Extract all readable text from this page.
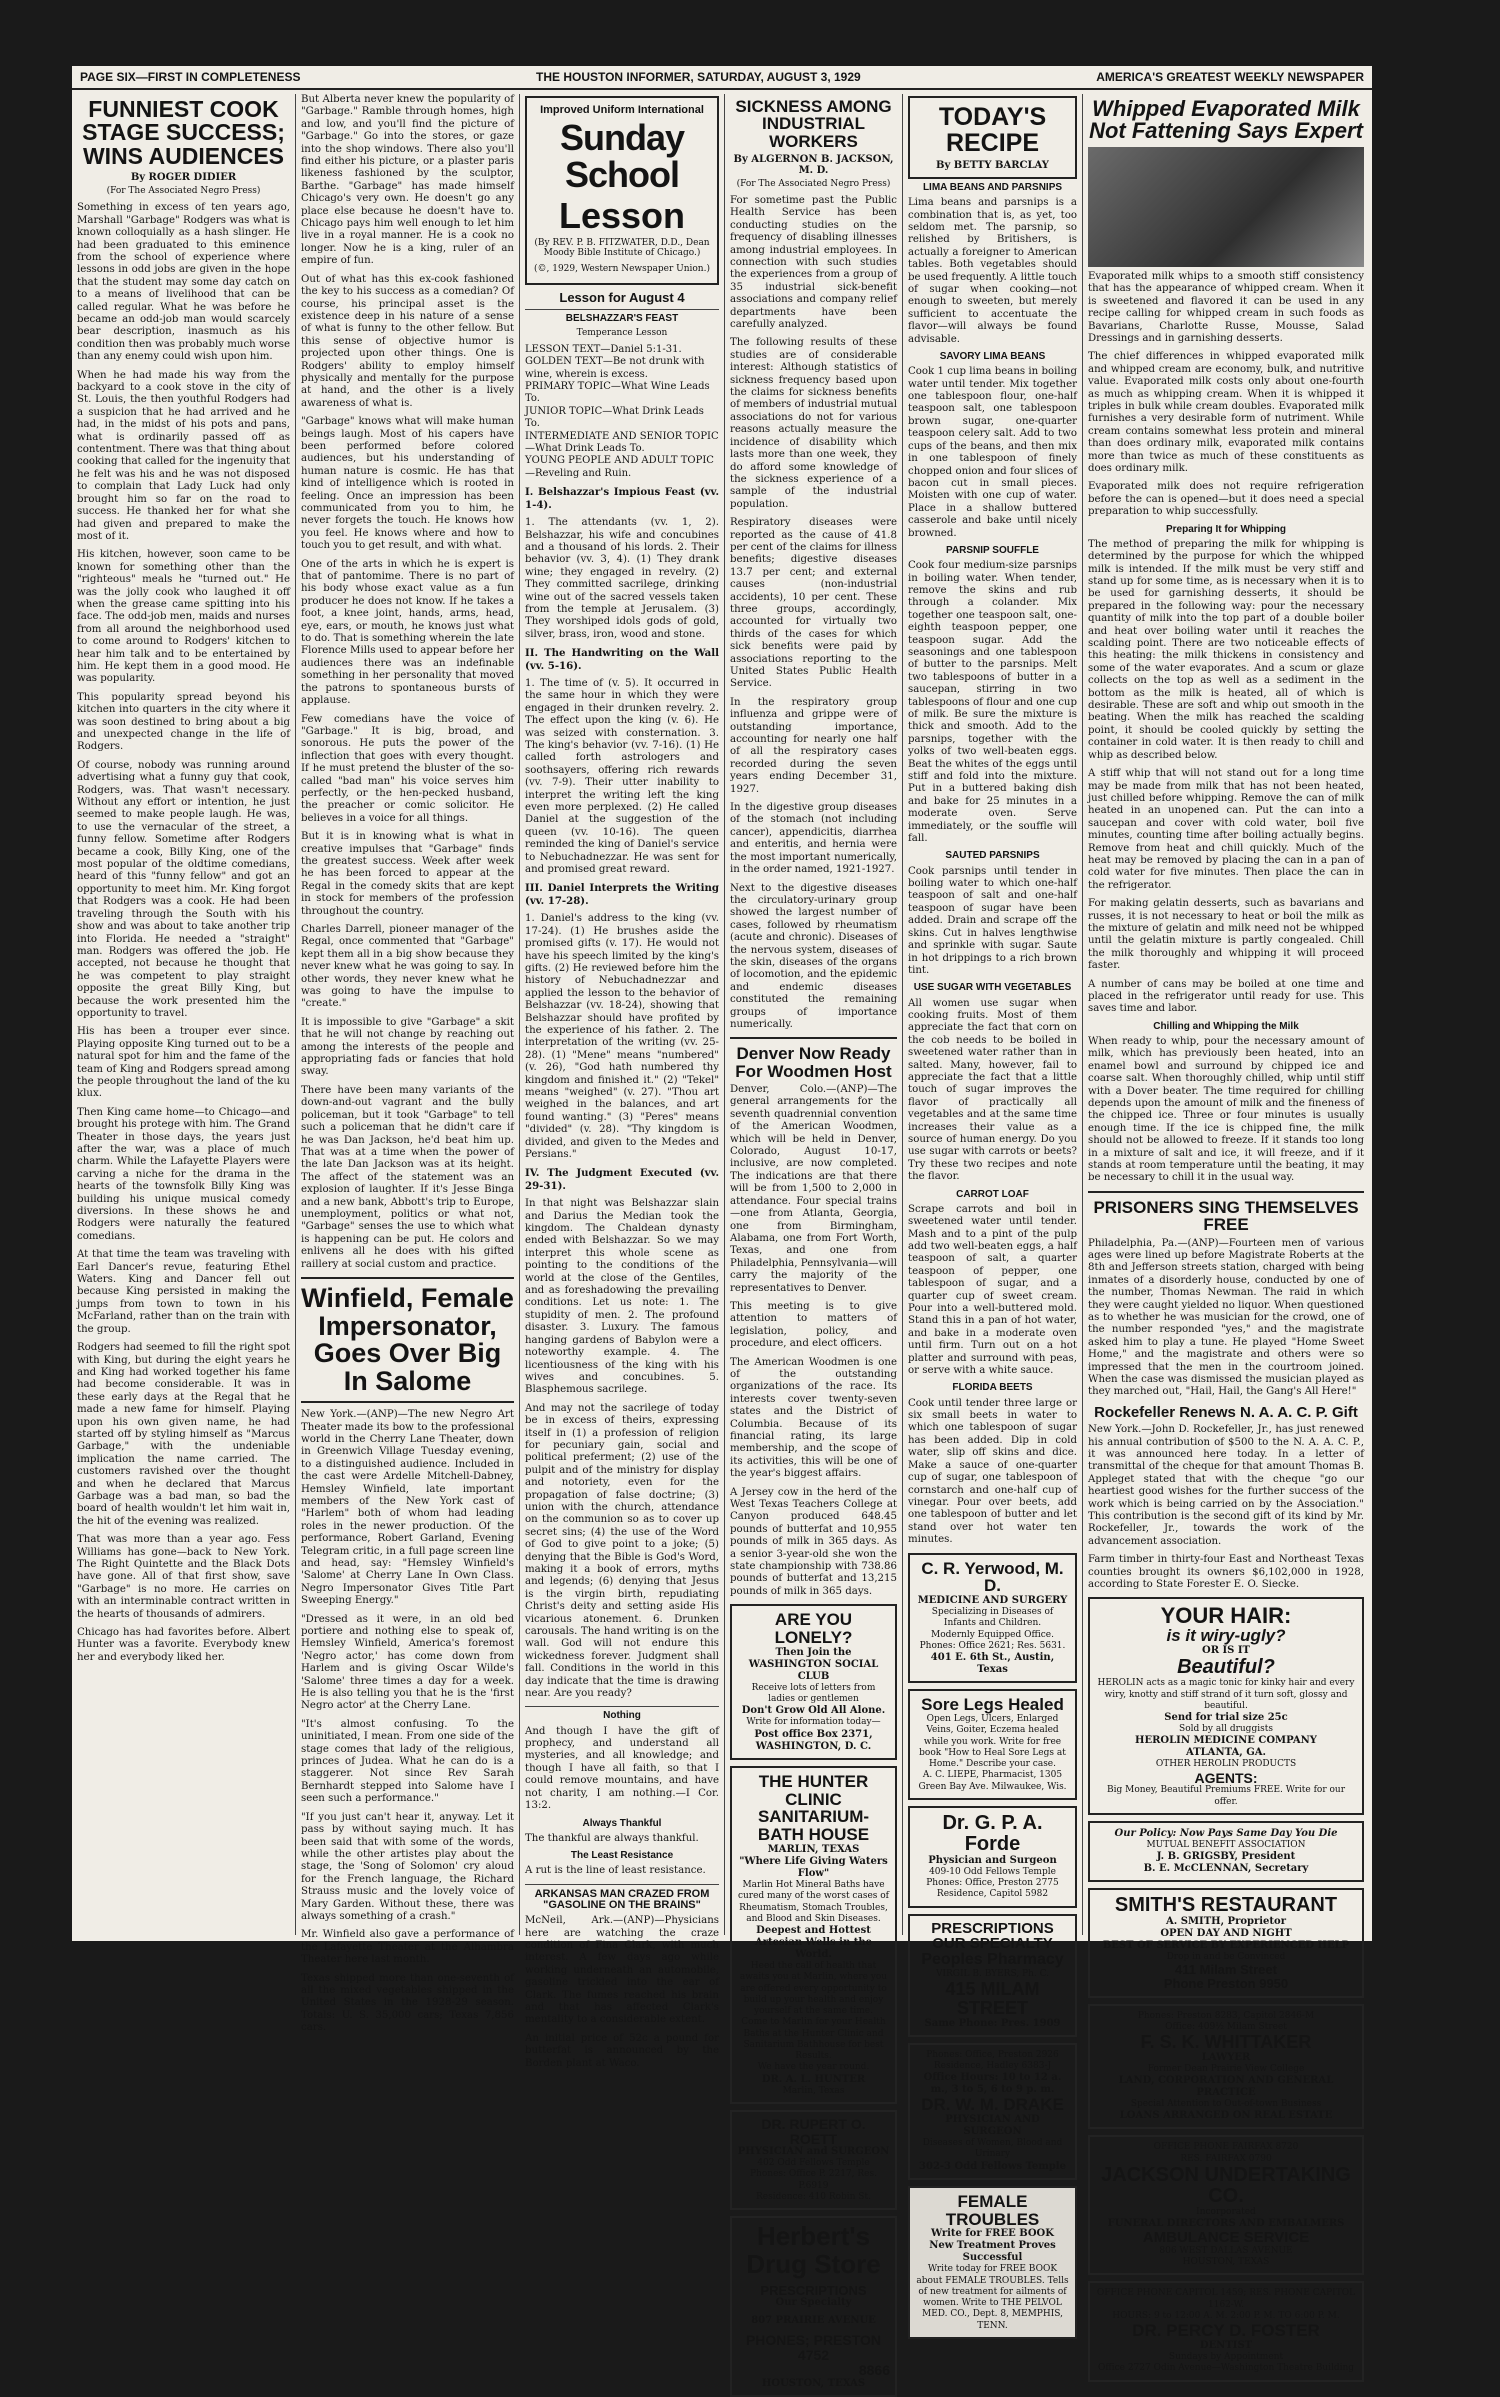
PAGE SIX—FIRST IN COMPLETENESS	THE HOUSTON INFORMER, SATURDAY, AUGUST 3, 1929	AMERICA'S GREATEST WEEKLY NEWSPAPER
FUNNIEST COOK STAGE SUCCESS; WINS AUDIENCES
By ROGER DIDIER
(For The Associated Negro Press)

Something in excess of ten years ago, Marshall "Garbage" Rodgers was what is known colloquially as a hash slinger. He had been graduated to this eminence from the school of experience where lessons in odd jobs are given in the hope that the student may some day catch on to a means of livelihood that can be called regular. What he was before he became an odd-job man would scarcely bear description, inasmuch as his condition then was probably much worse than any enemy could wish upon him.

When he had made his way from the backyard to a cook stove in the city of St. Louis, the then youthful Rodgers had a suspicion that he had arrived and he had, in the midst of his pots and pans, what is ordinarily passed off as contentment. There was that thing about cooking that called for the ingenuity that he felt was his and he was not disposed to complain that Lady Luck had only brought him so far on the road to success. He thanked her for what she had given and prepared to make the most of it.

His kitchen, however, soon came to be known for something other than the "righteous" meals he "turned out." He was the jolly cook who laughed it off when the grease came spitting into his face. The odd-job men, maids and nurses from all around the neighborhood used to come around to Rodgers' kitchen to hear him talk and to be entertained by him. He kept them in a good mood. He was popularity.

This popularity spread beyond his kitchen into quarters in the city where it was soon destined to bring about a big and unexpected change in the life of Rodgers.

Of course, nobody was running around advertising what a funny guy that cook, Rodgers, was. That wasn't necessary. Without any effort or intention, he just seemed to make people laugh. He was, to use the vernacular of the street, a funny fellow. Sometime after Rodgers became a cook, Billy King, one of the most popular of the oldtime comedians, heard of this "funny fellow" and got an opportunity to meet him. Mr. King forgot that Rodgers was a cook. He had been traveling through the South with his show and was about to take another trip into Florida. He needed a "straight" man. Rodgers was offered the job. He accepted, not because he thought that he was competent to play straight opposite the great Billy King, but because the work presented him the opportunity to travel.

His has been a trouper ever since. Playing opposite King turned out to be a natural spot for him and the fame of the team of King and Rodgers spread among the people throughout the land of the ku klux.

Then King came home—to Chicago—and brought his protege with him. The Grand Theater in those days, the years just after the war, was a place of much charm. While the Lafayette Players were carving a niche for the drama in the hearts of the townsfolk Billy King was building his unique musical comedy diversions. In these shows he and Rodgers were naturally the featured comedians.

At that time the team was traveling with Earl Dancer's revue, featuring Ethel Waters. King and Dancer fell out because King persisted in making the jumps from town to town in his McFarland, rather than on the train with the group.

Rodgers had seemed to fill the right spot with King, but during the eight years he and King had worked together his fame had become considerable. It was in these early days at the Regal that he made a new fame for himself. Playing upon his own given name, he had started off by styling himself as "Marcus Garbage," with the undeniable implication the name carried. The customers ravished over the thought and when he declared that Marcus Garbage was a bad man, so bad the board of health wouldn't let him wait in, the hit of the evening was realized.

That was more than a year ago. Fess Williams has gone—back to New York. The Right Quintette and the Black Dots have gone. All of that first show, save "Garbage" is no more. He carries on with an interminable contract written in the hearts of thousands of admirers.

Chicago has had favorites before. Albert Hunter was a favorite. Everybody knew her and everybody liked her.

But Alberta never knew the popularity of "Garbage." Ramble through homes, high and low, and you'll find the picture of "Garbage." Go into the stores, or gaze into the shop windows. There also you'll find either his picture, or a plaster paris likeness fashioned by the sculptor, Barthe. "Garbage" has made himself Chicago's very own. He doesn't go any place else because he doesn't have to. Chicago pays him well enough to let him live in a royal manner. He is a cook no longer. Now he is a king, ruler of an empire of fun.

Out of what has this ex-cook fashioned the key to his success as a comedian? Of course, his principal asset is the existence deep in his nature of a sense of what is funny to the other fellow. But this sense of objective humor is projected upon other things. One is Rodgers' ability to employ himself physically and mentally for the purpose at hand, and the other is a lively awareness of what is.

"Garbage" knows what will make human beings laugh. Most of his capers have been performed before colored audiences, but his understanding of human nature is cosmic. He has that kind of intelligence which is rooted in feeling. Once an impression has been communicated from you to him, he never forgets the touch. He knows how you feel. He knows where and how to touch you to get result, and with what.

One of the arts in which he is expert is that of pantomime. There is no part of his body whose exact value as a fun producer he does not know. If he takes a foot, a knee joint, hands, arms, head, eye, ears, or mouth, he knows just what to do. That is something wherein the late Florence Mills used to appear before her audiences there was an indefinable something in her personality that moved the patrons to spontaneous bursts of applause.

Few comedians have the voice of "Garbage." It is big, broad, and sonorous. He puts the power of the inflection that goes with every thought. If he must pretend the bluster of the so-called "bad man" his voice serves him perfectly, or the hen-pecked husband, the preacher or comic solicitor. He believes in a voice for all things.

But it is in knowing what is what in creative impulses that "Garbage" finds the greatest success. Week after week he has been forced to appear at the Regal in the comedy skits that are kept in stock for members of the profession throughout the country.

Charles Darrell, pioneer manager of the Regal, once commented that "Garbage" kept them all in a big show because they never knew what he was going to say. In other words, they never knew what he was going to have the impulse to "create."

It is impossible to give "Garbage" a skit that he will not change by reaching out among the interests of the people and appropriating fads or fancies that hold sway.

There have been many variants of the down-and-out vagrant and the bully policeman, but it took "Garbage" to tell such a policeman that he didn't care if he was Dan Jackson, he'd beat him up. That was at a time when the power of the late Dan Jackson was at its height. The affect of the statement was an explosion of laughter. If it's Jesse Binga and a new bank, Abbott's trip to Europe, unemployment, politics or what not, "Garbage" senses the use to which what is happening can be put. He colors and enlivens all he does with his gifted raillery at social custom and practice.

Winfield, Female Impersonator, Goes Over Big In Salome

New York.—(ANP)—The new Negro Art Theater made its bow to the professional world in the Cherry Lane Theater, down in Greenwich Village Tuesday evening, to a distinguished audience. Included in the cast were Ardelle Mitchell-Dabney, Hemsley Winfield, late important members of the New York cast of "Harlem" both of whom had leading roles in the newer production. Of the performance, Robert Garland, Evening Telegram critic, in a full page screen line and head, say: "Hemsley Winfield's 'Salome' at Cherry Lane In Own Class. Negro Impersonator Gives Title Part Sweeping Energy."

"Dressed as it were, in an old bed portiere and nothing else to speak of, Hemsley Winfield, America's foremost 'Negro actor,' has come down from Harlem and is giving Oscar Wilde's 'Salome' three times a day for a week. He is also telling you that he is the 'first Negro actor' at the Cherry Lane.

"It's almost confusing. To the uninitiated, I mean. From one side of the stage comes that lady of the religious, princes of Judea. What he can do is a staggerer. Not since Rev Sarah Bernhardt stepped into Salome have I seen such a performance."

"If you just can't hear it, anyway. Let it pass by without saying much. It has been said that with some of the words, while the other artistes play about the stage, the 'Song of Solomon' cry aloud for the French language, the Richard Strauss music and the lovely voice of Mary Garden. Without these, there was always something of a crash."

Mr. Winfield also gave a performance of the Lafayette Theater at the Alhambra Theater here last month.

Texas shipped more than one-seventh of all the mixed vegetables shipped in the United States in the 1928-29 season. Totals: U. S. 35,000 cars; Texas 7,856 cars.

Improved Uniform International
Sunday School
Lesson
(By REV. P. B. FITZWATER, D.D., Dean Moody Bible Institute of Chicago.)
(©, 1929, Western Newspaper Union.)
Lesson for August 4
BELSHAZZAR'S FEAST
Temperance Lesson
LESSON TEXT—Daniel 5:1-31.
GOLDEN TEXT—Be not drunk with wine, wherein is excess.
PRIMARY TOPIC—What Wine Leads To.
JUNIOR TOPIC—What Drink Leads To.
INTERMEDIATE AND SENIOR TOPIC—What Drink Leads To.
YOUNG PEOPLE AND ADULT TOPIC—Reveling and Ruin.

I. Belshazzar's Impious Feast (vv. 1-4).

1. The attendants (vv. 1, 2). Belshazzar, his wife and concubines and a thousand of his lords. 2. Their behavior (vv. 3, 4). (1) They drank wine; they engaged in revelry. (2) They committed sacrilege, drinking wine out of the sacred vessels taken from the temple at Jerusalem. (3) They worshiped idols gods of gold, silver, brass, iron, wood and stone.

II. The Handwriting on the Wall (vv. 5-16).

1. The time of (v. 5). It occurred in the same hour in which they were engaged in their drunken revelry. 2. The effect upon the king (v. 6). He was seized with consternation. 3. The king's behavior (vv. 7-16). (1) He called forth astrologers and soothsayers, offering rich rewards (vv. 7-9). Their utter inability to interpret the writing left the king even more perplexed. (2) He called Daniel at the suggestion of the queen (vv. 10-16). The queen reminded the king of Daniel's service to Nebuchadnezzar. He was sent for and promised great reward.

III. Daniel Interprets the Writing (vv. 17-28).

1. Daniel's address to the king (vv. 17-24). (1) He brushes aside the promised gifts (v. 17). He would not have his speech limited by the king's gifts. (2) He reviewed before him the history of Nebuchadnezzar and applied the lesson to the behavior of Belshazzar (vv. 18-24), showing that Belshazzar should have profited by the experience of his father. 2. The interpretation of the writing (vv. 25-28). (1) "Mene" means "numbered" (v. 26), "God hath numbered thy kingdom and finished it." (2) "Tekel" means "weighed" (v. 27). "Thou art weighed in the balances, and art found wanting." (3) "Peres" means "divided" (v. 28). "Thy kingdom is divided, and given to the Medes and Persians."

IV. The Judgment Executed (vv. 29-31).

In that night was Belshazzar slain and Darius the Median took the kingdom. The Chaldean dynasty ended with Belshazzar. So we may interpret this whole scene as pointing to the conditions of the world at the close of the Gentiles, and as foreshadowing the prevailing conditions. Let us note: 1. The stupidity of men. 2. The profound disaster. 3. Luxury. The famous hanging gardens of Babylon were a noteworthy example. 4. The licentiousness of the king with his wives and concubines. 5. Blasphemous sacrilege.

And may not the sacrilege of today be in excess of theirs, expressing itself in (1) a profession of religion for pecuniary gain, social and political preferment; (2) use of the pulpit and of the ministry for display and notoriety, even for the propagation of false doctrine; (3) union with the church, attendance on the communion so as to cover up secret sins; (4) the use of the Word of God to give point to a joke; (5) denying that the Bible is God's Word, making it a book of errors, myths and legends; (6) denying that Jesus is the virgin birth, repudiating Christ's deity and setting aside His vicarious atonement. 6. Drunken carousals. The hand writing is on the wall. God will not endure this wickedness forever. Judgment shall fall. Conditions in the world in this day indicate that the time is drawing near. Are you ready?

Nothing

And though I have the gift of prophecy, and understand all mysteries, and all knowledge; and though I have all faith, so that I could remove mountains, and have not charity, I am nothing.—I Cor. 13:2.

Always Thankful

The thankful are always thankful.

The Least Resistance

A rut is the line of least resistance.

ARKANSAS MAN CRAZED FROM "GASOLINE ON THE BRAINS"

McNeil, Ark.—(ANP)—Physicians here are watching the craze condition of Fina Clark, with much interest. A few days ago while working underneath an automobile, gasoline trickled into the ear of Clark. The fumes reached his brain and that has affected Clark's mentality to a considerable extent.

An initial price of 52c a pound for butterfat is announced by the Borden plant at Waco.

SICKNESS AMONG INDUSTRIAL WORKERS
By ALGERNON B. JACKSON, M. D.
(For The Associated Negro Press)

For sometime past the Public Health Service has been conducting studies on the frequency of disabling illnesses among industrial employees. In connection with such studies the experiences from a group of 35 industrial sick-benefit associations and company relief departments have been carefully analyzed.

The following results of these studies are of considerable interest: Although statistics of sickness frequency based upon the claims for sickness benefits of members of industrial mutual associations do not for various reasons actually measure the incidence of disability which lasts more than one week, they do afford some knowledge of the sickness experience of a sample of the industrial population.

Respiratory diseases were reported as the cause of 41.8 per cent of the claims for illness benefits; digestive diseases 13.7 per cent; and external causes (non-industrial accidents), 10 per cent. These three groups, accordingly, accounted for virtually two thirds of the cases for which sick benefits were paid by associations reporting to the United States Public Health Service.

In the respiratory group influenza and grippe were of outstanding importance, accounting for nearly one half of all the respiratory cases recorded during the seven years ending December 31, 1927.

In the digestive group diseases of the stomach (not including cancer), appendicitis, diarrhea and enteritis, and hernia were the most important numerically, in the order named, 1921-1927.

Next to the digestive diseases the circulatory-urinary group showed the largest number of cases, followed by rheumatism (acute and chronic). Diseases of the nervous system, diseases of the skin, diseases of the organs of locomotion, and the epidemic and endemic diseases constituted the remaining groups of importance numerically.

Denver Now Ready For Woodmen Host

Denver, Colo.—(ANP)—The general arrangements for the seventh quadrennial convention of the American Woodmen, which will be held in Denver, Colorado, August 10-17, inclusive, are now completed. The indications are that there will be from 1,500 to 2,000 in attendance. Four special trains—one from Atlanta, Georgia, one from Birmingham, Alabama, one from Fort Worth, Texas, and one from Philadelphia, Pennsylvania—will carry the majority of the representatives to Denver.

This meeting is to give attention to matters of legislation, policy, and procedure, and elect officers.

The American Woodmen is one of the outstanding organizations of the race. Its interests cover twenty-seven states and the District of Columbia. Because of its financial rating, its large membership, and the scope of its activities, this will be one of the year's biggest affairs.

A Jersey cow in the herd of the West Texas Teachers College at Canyon produced 648.45 pounds of butterfat and 10,955 pounds of milk in 365 days. As a senior 3-year-old she won the state championship with 738.86 pounds of butterfat and 13,215 pounds of milk in 365 days.

ARE YOU LONELY?
Then Join the WASHINGTON SOCIAL CLUB
Receive lots of letters from ladies or gentlemen
Don't Grow Old All Alone.
Write for information today—
Post office Box 2371, WASHINGTON, D. C.
THE HUNTER CLINIC SANITARIUM-BATH HOUSE
MARLIN, TEXAS
"Where Life Giving Waters Flow"
Marlin Hot Mineral Baths have cured many of the worst cases of Rheumatism, Stomach Troubles, and Blood and Skin Diseases.
Deepest and Hottest Artesian Wells in the World.
Heed the call of health that awaits you at Marlin, where you are offered every opportunity to build up your health and enjoy yourself at the same time.
Come to Marlin for your Health Baths at the Hunter Clinic and Sanitarium Bathhouse for best Results.
We have the year round.
DR. A. L. HUNTER
Marlin, Texas
DR. RUPERT O. ROETT
PHYSICIAN and SURGEON
402 Odd Fellows Temple
Phones: Office P. 2217, Res. P.6919
Residence: 410 Robin St.
Herbert's
Drug Store
PRESCRIPTIONS
Our Specialty
807 PRAIRIE AVENUE
PHONES; PRESTON 4752
8866
HOUSTON, TEXAS
TODAY'S RECIPE
By BETTY BARCLAY
LIMA BEANS AND PARSNIPS

Lima beans and parsnips is a combination that is, as yet, too seldom met. The parsnip, so relished by Britishers, is actually a foreigner to American tables. Both vegetables should be used frequently. A little touch of sugar when cooking—not enough to sweeten, but merely sufficient to accentuate the flavor—will always be found advisable.

SAVORY LIMA BEANS

Cook 1 cup lima beans in boiling water until tender. Mix together one tablespoon flour, one-half teaspoon salt, one tablespoon brown sugar, one-quarter teaspoon celery salt. Add to two cups of the beans, and then mix in one tablespoon of finely chopped onion and four slices of bacon cut in small pieces. Moisten with one cup of water. Place in a shallow buttered casserole and bake until nicely browned.

PARSNIP SOUFFLE

Cook four medium-size parsnips in boiling water. When tender, remove the skins and rub through a colander. Mix together one teaspoon salt, one-eighth teaspoon pepper, one teaspoon sugar. Add the seasonings and one tablespoon of butter to the parsnips. Melt two tablespoons of butter in a saucepan, stirring in two tablespoons of flour and one cup of milk. Be sure the mixture is thick and smooth. Add to the parsnips, together with the yolks of two well-beaten eggs. Beat the whites of the eggs until stiff and fold into the mixture. Put in a buttered baking dish and bake for 25 minutes in a moderate oven. Serve immediately, or the souffle will fall.

SAUTED PARSNIPS

Cook parsnips until tender in boiling water to which one-half teaspoon of salt and one-half teaspoon of sugar have been added. Drain and scrape off the skins. Cut in halves lengthwise and sprinkle with sugar. Saute in hot drippings to a rich brown tint.

USE SUGAR WITH VEGETABLES

All women use sugar when cooking fruits. Most of them appreciate the fact that corn on the cob needs to be boiled in sweetened water rather than in salted. Many, however, fail to appreciate the fact that a little touch of sugar improves the flavor of practically all vegetables and at the same time increases their value as a source of human energy. Do you use sugar with carrots or beets? Try these two recipes and note the flavor.

CARROT LOAF

Scrape carrots and boil in sweetened water until tender. Mash and to a pint of the pulp add two well-beaten eggs, a half teaspoon of salt, a quarter teaspoon of pepper, one tablespoon of sugar, and a quarter cup of sweet cream. Pour into a well-buttered mold. Stand this in a pan of hot water, and bake in a moderate oven until firm. Turn out on a hot platter and surround with peas, or serve with a white sauce.

FLORIDA BEETS

Cook until tender three large or six small beets in water to which one tablespoon of sugar has been added. Dip in cold water, slip off skins and dice. Make a sauce of one-quarter cup of sugar, one tablespoon of cornstarch and one-half cup of vinegar. Pour over beets, add one tablespoon of butter and let stand over hot water ten minutes.

C. R. Yerwood, M. D.
MEDICINE AND SURGERY
Specializing in Diseases of Infants and Children.
Modernly Equipped Office.
Phones: Office 2621; Res. 5631.
401 E. 6th St., Austin, Texas
Sore Legs Healed
Open Legs, Ulcers, Enlarged Veins, Goiter, Eczema healed while you work. Write for free book "How to Heal Sore Legs at Home." Describe your case.
A. C. LIEPE, Pharmacist, 1305 Green Bay Ave. Milwaukee, Wis.
Dr. G. P. A. Forde
Physician and Surgeon
409-10 Odd Fellows Temple
Phones: Office, Preston 2775
Residence, Capitol 5982
PRESCRIPTIONS
OUR SPECIALTY
Peoples Pharmacy
VIRGIL B. BYERS, Ph. C.
415 MILAM STREET
Same Phone: Pres. 1909
Phones: Office, Preston 2926
Residence, Hadley 6383-J
Office Hours: 10 to 12 a. m., 3 to 5, 6 to 9 p. m.
DR. W. M. DRAKE
PHYSICIAN AND SURGEON
Diseases of Women, Blood and Urinary
302-3 Odd Fellows Temple
FEMALE TROUBLES
Write for FREE BOOK
New Treatment Proves Successful
Write today for FREE BOOK about FEMALE TROUBLES. Tells of new treatment for ailments of women. Write to THE PELVOL MED. CO., Dept. 8, MEMPHIS, TENN.
Whipped Evaporated Milk Not Fattening Says Expert

Evaporated milk whips to a smooth stiff consistency that has the appearance of whipped cream. When it is sweetened and flavored it can be used in any recipe calling for whipped cream in such foods as Bavarians, Charlotte Russe, Mousse, Salad Dressings and in garnishing desserts.

The chief differences in whipped evaporated milk and whipped cream are economy, bulk, and nutritive value. Evaporated milk costs only about one-fourth as much as whipping cream. When it is whipped it triples in bulk while cream doubles. Evaporated milk furnishes a very desirable form of nutriment. While cream contains somewhat less protein and mineral than does ordinary milk, evaporated milk contains more than twice as much of these constituents as does ordinary milk.

Evaporated milk does not require refrigeration before the can is opened—but it does need a special preparation to whip successfully.

Preparing It for Whipping

The method of preparing the milk for whipping is determined by the purpose for which the whipped milk is intended. If the milk must be very stiff and stand up for some time, as is necessary when it is to be used for garnishing desserts, it should be prepared in the following way: pour the necessary quantity of milk into the top part of a double boiler and heat over boiling water until it reaches the scalding point. There are two noticeable effects of this heating: the milk thickens in consistency and some of the water evaporates. And a scum or glaze collects on the top as well as a sediment in the bottom as the milk is heated, all of which is desirable. These are soft and whip out smooth in the beating. When the milk has reached the scalding point, it should be cooled quickly by setting the container in cold water. It is then ready to chill and whip as described below.

A stiff whip that will not stand out for a long time may be made from milk that has not been heated, just chilled before whipping. Remove the can of milk heated in an unopened can. Put the can into a saucepan and cover with cold water, boil five minutes, counting time after boiling actually begins. Remove from heat and chill quickly. Much of the heat may be removed by placing the can in a pan of cold water for five minutes. Then place the can in the refrigerator.

For making gelatin desserts, such as bavarians and russes, it is not necessary to heat or boil the milk as the mixture of gelatin and milk need not be whipped until the gelatin mixture is partly congealed. Chill the milk thoroughly and whipping it will proceed faster.

A number of cans may be boiled at one time and placed in the refrigerator until ready for use. This saves time and labor.

Chilling and Whipping the Milk

When ready to whip, pour the necessary amount of milk, which has previously been heated, into an enamel bowl and surround by chipped ice and coarse salt. When thoroughly chilled, whip until stiff with a Dover beater. The time required for chilling depends upon the amount of milk and the fineness of the chipped ice. Three or four minutes is usually enough time. If the ice is chipped fine, the milk should not be allowed to freeze. If it stands too long in a mixture of salt and ice, it will freeze, and if it stands at room temperature until the beating, it may be necessary to chill it in the usual way.

PRISONERS SING THEMSELVES FREE

Philadelphia, Pa.—(ANP)—Fourteen men of various ages were lined up before Magistrate Roberts at the 8th and Jefferson streets station, charged with being inmates of a disorderly house, conducted by one of the number, Thomas Newman. The raid in which they were caught yielded no liquor. When questioned as to whether he was musician for the crowd, one of the number responded "yes," and the magistrate asked him to play a tune. He played "Home Sweet Home," and the magistrate and others were so impressed that the men in the courtroom joined. When the case was dismissed the musician played as they marched out, "Hail, Hail, the Gang's All Here!"

Rockefeller Renews N. A. A. C. P. Gift

New York.—John D. Rockefeller, Jr., has just renewed his annual contribution of $500 to the N. A. A. C. P., it was announced here today. In a letter of transmittal of the cheque for that amount Thomas B. Appleget stated that with the cheque "go our heartiest good wishes for the further success of the work which is being carried on by the Association." This contribution is the second gift of its kind by Mr. Rockefeller, Jr., towards the work of the advancement association.

Farm timber in thirty-four East and Northeast Texas counties brought its owners $6,102,000 in 1928, according to State Forester E. O. Siecke.

YOUR HAIR:
is it wiry-ugly?
OR IS IT
Beautiful?
HEROLIN acts as a magic tonic for kinky hair and every wiry, knotty and stiff strand of it turn soft, glossy and beautiful.
Send for trial size 25c
Sold by all druggists
HEROLIN MEDICINE COMPANY
ATLANTA, GA.
OTHER HEROLIN PRODUCTS
AGENTS:
Big Money, Beautiful Premiums FREE. Write for our offer.
Our Policy: Now Pays Same Day You Die
MUTUAL BENEFIT ASSOCIATION
J. B. GRIGSBY, President
B. E. McCLENNAN, Secretary
SMITH'S RESTAURANT
A. SMITH, Proprietor
OPEN DAY AND NIGHT
BEST OF SERVICE BY EXPERIENCED HELP
Drop in and be Convinced
411 Milam Street
Phone Preston 9950
Phones: Preston 8283, Capitol 2846-M
Office: 409½ Milam Street
F. S. K. WHITTAKER
LAWYER
Former Dean Prairie View College
LAND, CORPORATION AND GENERAL PRACTICE
Special Attention to Out-of-town Business
LOANS ARRANGED ON REAL ESTATE
OFFICE PHONE FAIRFAX 8720
RES. FAIRFAX 0790
JACKSON UNDERTAKING CO.
Incorporated
FUNERAL DIRECTORS AND EMBALMERS
AMBULANCE SERVICE
806 WEST DALLAS AVENUE
HOUSTON, TEXAS
OFFICE PHONE CAPITOL 1459; RES. PHONE CAPITOL 1162-W.
HOURS: 9 to 12:00 A. M. 2:00 P. M. TO 6:00 P. M.
DR. PERCY D. FOSTER
DENTIST
Sundays by Appointment
Office 2727 Odin Avenue—Washington Theatre Building
